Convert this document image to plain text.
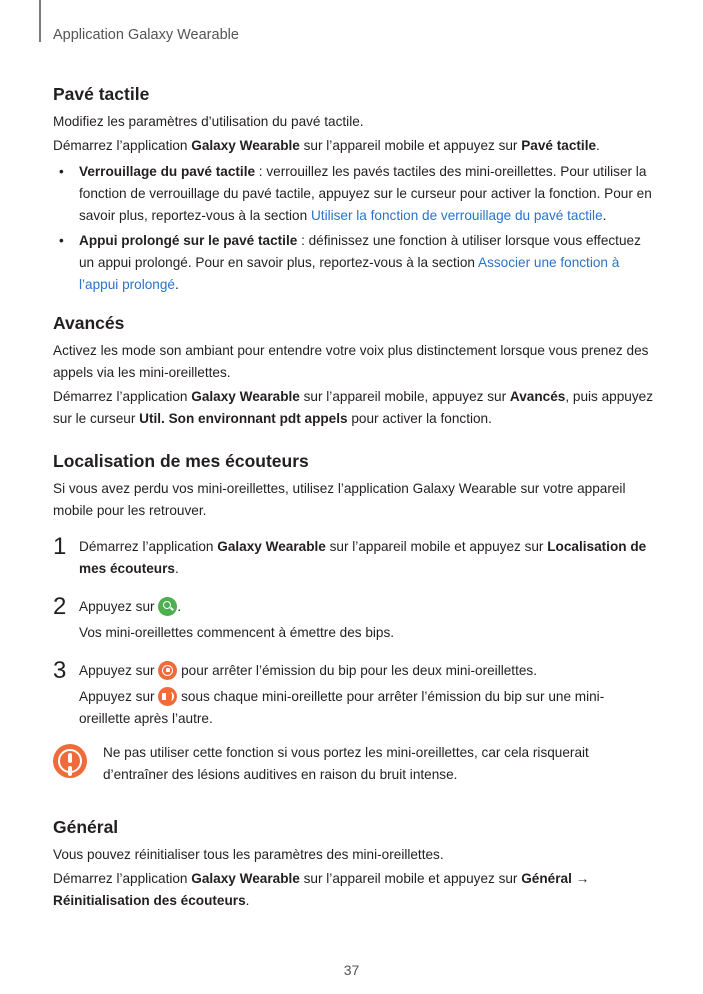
Application Galaxy Wearable
Pavé tactile

Modifiez les paramètres d’utilisation du pavé tactile.

Démarrez l’application Galaxy Wearable sur l’appareil mobile et appuyez sur Pavé tactile.

• Verrouillage du pavé tactile : verrouillez les pavés tactiles des mini-oreillettes. Pour utiliser la fonction de verrouillage du pavé tactile, appuyez sur le curseur pour activer la fonction. Pour en savoir plus, reportez-vous à la section Utiliser la fonction de verrouillage du pavé tactile.
• Appui prolongé sur le pavé tactile : définissez une fonction à utiliser lorsque vous effectuez un appui prolongé. Pour en savoir plus, reportez-vous à la section Associer une fonction à l’appui prolongé.
Avancés

Activez les mode son ambiant pour entendre votre voix plus distinctement lorsque vous prenez des appels via les mini-oreillettes.

Démarrez l’application Galaxy Wearable sur l’appareil mobile, appuyez sur Avancés, puis appuyez sur le curseur Util. Son environnant pdt appels pour activer la fonction.

Localisation de mes écouteurs

Si vous avez perdu vos mini-oreillettes, utilisez l’application Galaxy Wearable sur votre appareil mobile pour les retrouver.

1 Démarrez l’application Galaxy Wearable sur l’appareil mobile et appuyez sur Localisation de mes écouteurs.

2 Appuyez sur .

Vos mini-oreillettes commencent à émettre des bips.

3 Appuyez sur  pour arrêter l’émission du bip pour les deux mini-oreillettes.

Appuyez sur  sous chaque mini-oreillette pour arrêter l’émission du bip sur une mini-oreillette après l’autre.

Ne pas utiliser cette fonction si vous portez les mini-oreillettes, car cela risquerait d’entraîner des lésions auditives en raison du bruit intense.

Général

Vous pouvez réinitialiser tous les paramètres des mini-oreillettes.

Démarrez l’application Galaxy Wearable sur l’appareil mobile et appuyez sur Général → Réinitialisation des écouteurs.

37
